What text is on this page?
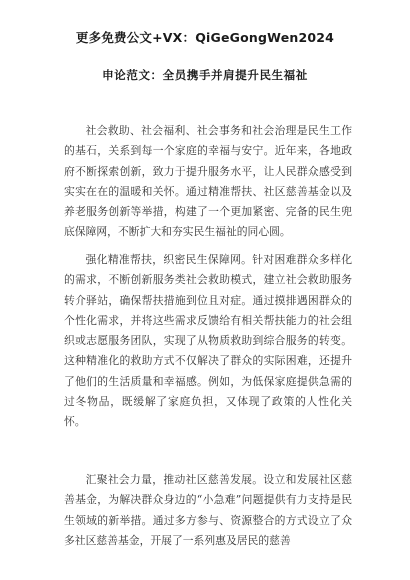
更多免费公文+VX：QiGeGongWen2024
申论范文：全员携手并肩提升民生福祉

社会救助、社会福利、社会事务和社会治理是民生工作的基石，关系到每一个家庭的幸福与安宁。近年来，各地政府不断探索创新，致力于提升服务水平，让人民群众感受到实实在在的温暖和关怀。通过精准帮扶、社区慈善基金以及养老服务创新等举措，构建了一个更加紧密、完备的民生兜底保障网，不断扩大和夯实民生福祉的同心圆。

强化精准帮扶，织密民生保障网。针对困难群众多样化的需求，不断创新服务类社会救助模式，建立社会救助服务转介驿站，确保帮扶措施到位且对症。通过摸排遇困群众的个性化需求，并将这些需求反馈给有相关帮扶能力的社会组织或志愿服务团队，实现了从物质救助到综合服务的转变。这种精准化的救助方式不仅解决了群众的实际困难，还提升了他们的生活质量和幸福感。例如，为低保家庭提供急需的过冬物品，既缓解了家庭负担，又体现了政策的人性化关怀。

汇聚社会力量，推动社区慈善发展。设立和发展社区慈善基金，为解决群众身边的“小急难”问题提供有力支持是民生领域的新举措。通过多方参与、资源整合的方式设立了众多社区慈善基金，开展了一系列惠及居民的慈善
